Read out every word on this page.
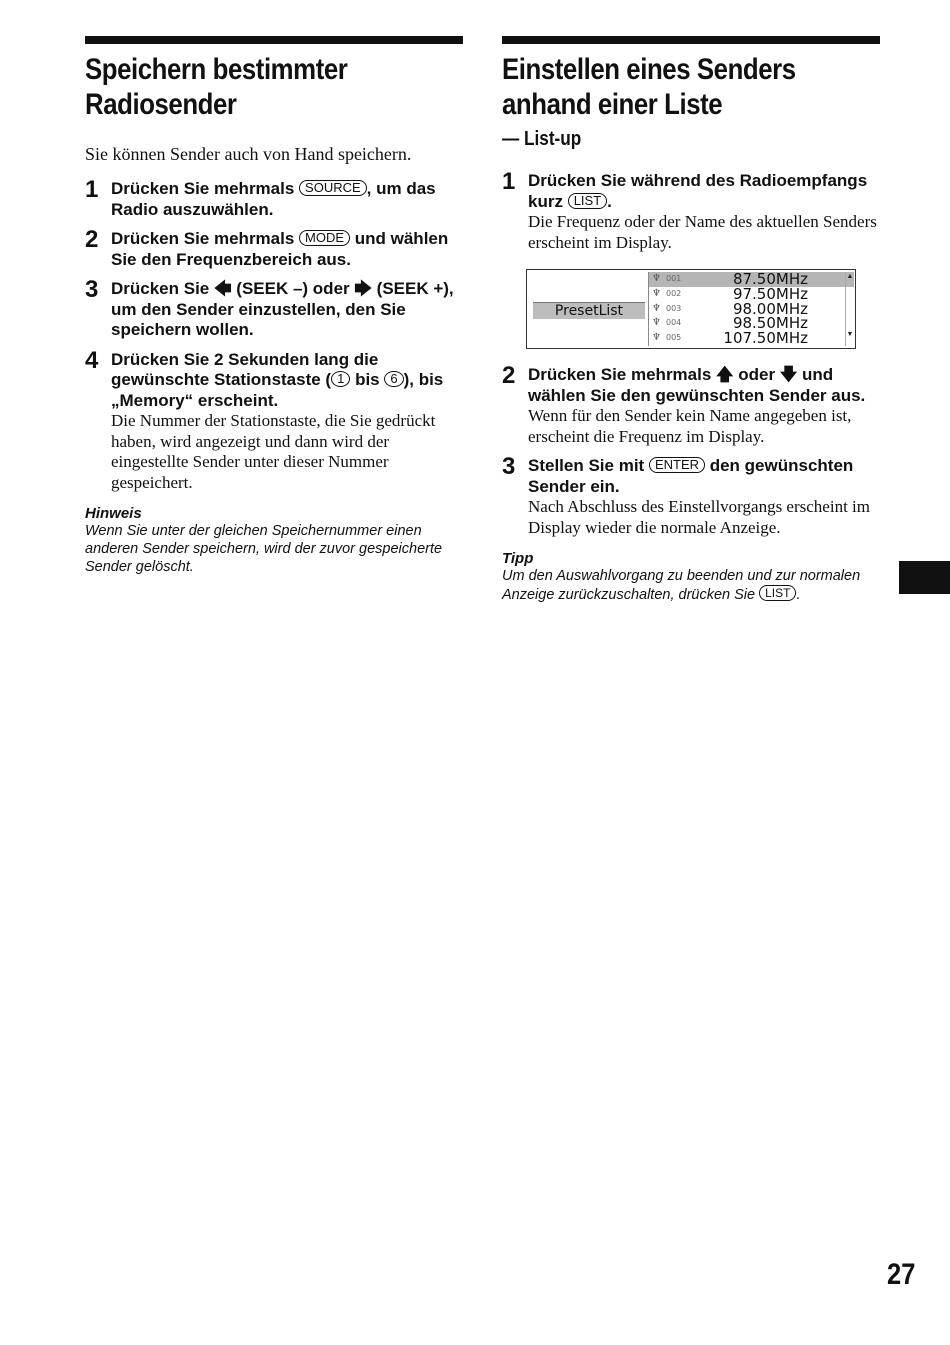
Speichern bestimmter
Radiosender
Sie können Sender auch von Hand speichern.
1 Drücken Sie mehrmals SOURCE , um das Radio auszuwählen.
2 Drücken Sie mehrmals MODE und wählen Sie den Frequenzbereich aus.
3 Drücken Sie 🡄 (SEEK –) oder 🡆 (SEEK +), um den Sender einzustellen, den Sie speichern wollen.
4 Drücken Sie 2 Sekunden lang die gewünschte Stationstaste ( 1 bis 6 ), bis „Memory“ erscheint.
Die Nummer der Stationstaste, die Sie gedrückt haben, wird angezeigt und dann wird der eingestellte Sender unter dieser Nummer gespeichert.
Hinweis
Wenn Sie unter der gleichen Speichernummer einen anderen Sender speichern, wird der zuvor gespeicherte Sender gelöscht.
Einstellen eines Senders
anhand einer Liste
— List-up
1 Drücken Sie während des Radioempfangs kurz LIST .
Die Frequenz oder der Name des aktuellen Senders erscheint im Display.
PresetList
♆ 001	87.50MHz
♆ 002	97.50MHz
♆ 003	98.00MHz
♆ 004	98.50MHz
♆ 005	107.50MHz
▲
▼
2 Drücken Sie mehrmals 🡅 oder 🡇 und wählen Sie den gewünschten Sender aus.
Wenn für den Sender kein Name angegeben ist, erscheint die Frequenz im Display.
3 Stellen Sie mit ENTER den gewünschten Sender ein.
Nach Abschluss des Einstellvorgangs erscheint im Display wieder die normale Anzeige.
Tipp
Um den Auswahlvorgang zu beenden und zur normalen Anzeige zurückzuschalten, drücken Sie LIST .
27
